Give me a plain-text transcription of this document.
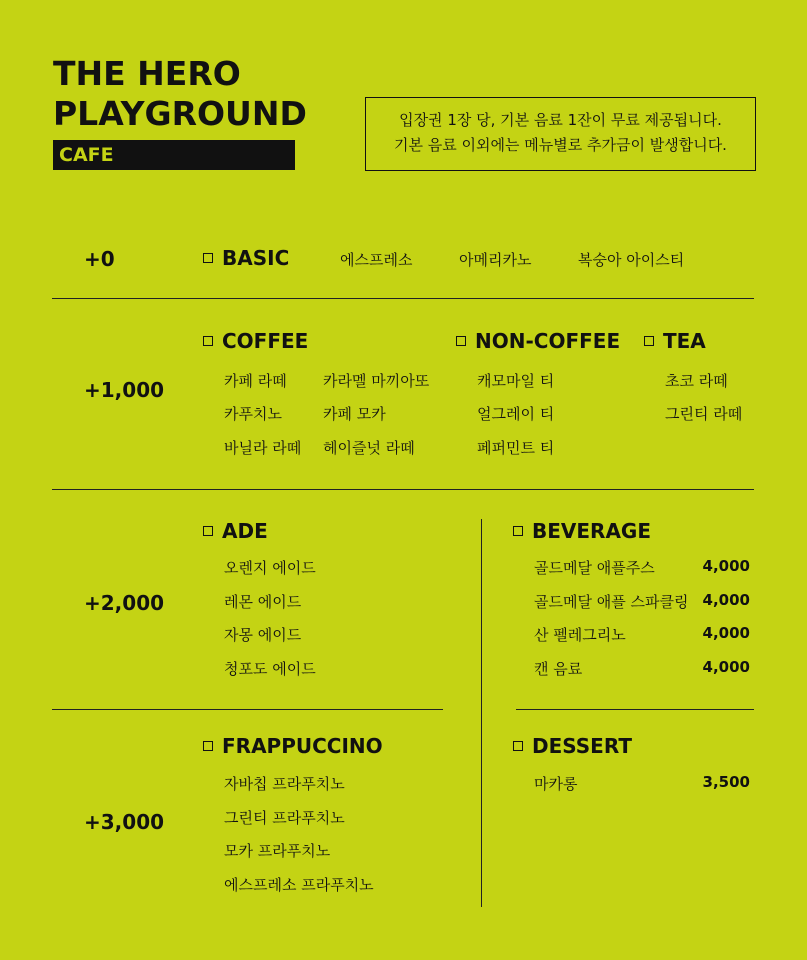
THE HERO
PLAYGROUND
CAFE
입장권 1장 당, 기본 음료 1잔이 무료 제공됩니다.
기본 음료 이외에는 메뉴별로 추가금이 발생합니다.
+0	BASIC	에스프레소	아메리카노	복숭아 아이스티
+1,000
COFFEE
카페 라떼
카푸치노
바닐라 라떼
카라멜 마끼아또
카페 모카
헤이즐넛 라떼
NON-COFFEE
캐모마일 티
얼그레이 티
페퍼민트 티
TEA
초코 라떼
그린티 라떼
+2,000
ADE
오렌지 에이드
레몬 에이드
자몽 에이드
청포도 에이드
BEVERAGE
골드메달 애플주스	4,000
골드메달 애플 스파클링 4,000
산 펠레그리노	4,000
캔 음료	4,000
+3,000
FRAPPUCCINO
자바칩 프라푸치노
그린티 프라푸치노
모카 프라푸치노
에스프레소 프라푸치노
DESSERT
마카롱	3,500
